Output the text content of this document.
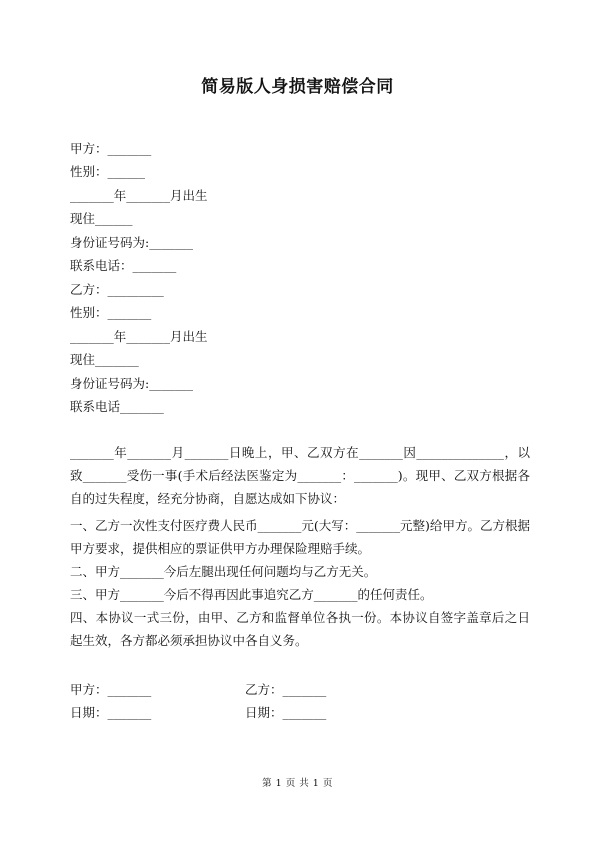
简易版人身损害赔偿合同
甲方：_______
性别：______
_______年_______月出生
现住______
身份证号码为:_______
联系电话：_______
乙方：_________
性别：_______
_______年_______月出生
现住_______
身份证号码为:_______
联系电话_______
_______年_______月_______日晚上，甲、乙双方在_______因______________，以致_______受伤一事(手术后经法医鉴定为_______：_______)。现甲、乙双方根据各自的过失程度，经充分协商，自愿达成如下协议：
一、乙方一次性支付医疗费人民币_______元(大写：_______元整)给甲方。乙方根据甲方要求，提供相应的票证供甲方办理保险理赔手续。
二、甲方_______今后左腿出现任何问题均与乙方无关。
三、甲方_______今后不得再因此事追究乙方_______的任何责任。
四、本协议一式三份，由甲、乙方和监督单位各执一份。本协议自签字盖章后之日起生效，各方都必须承担协议中各自义务。
甲方：_______
日期：_______
乙方：_______
日期：_______
第 1 页 共 1 页
